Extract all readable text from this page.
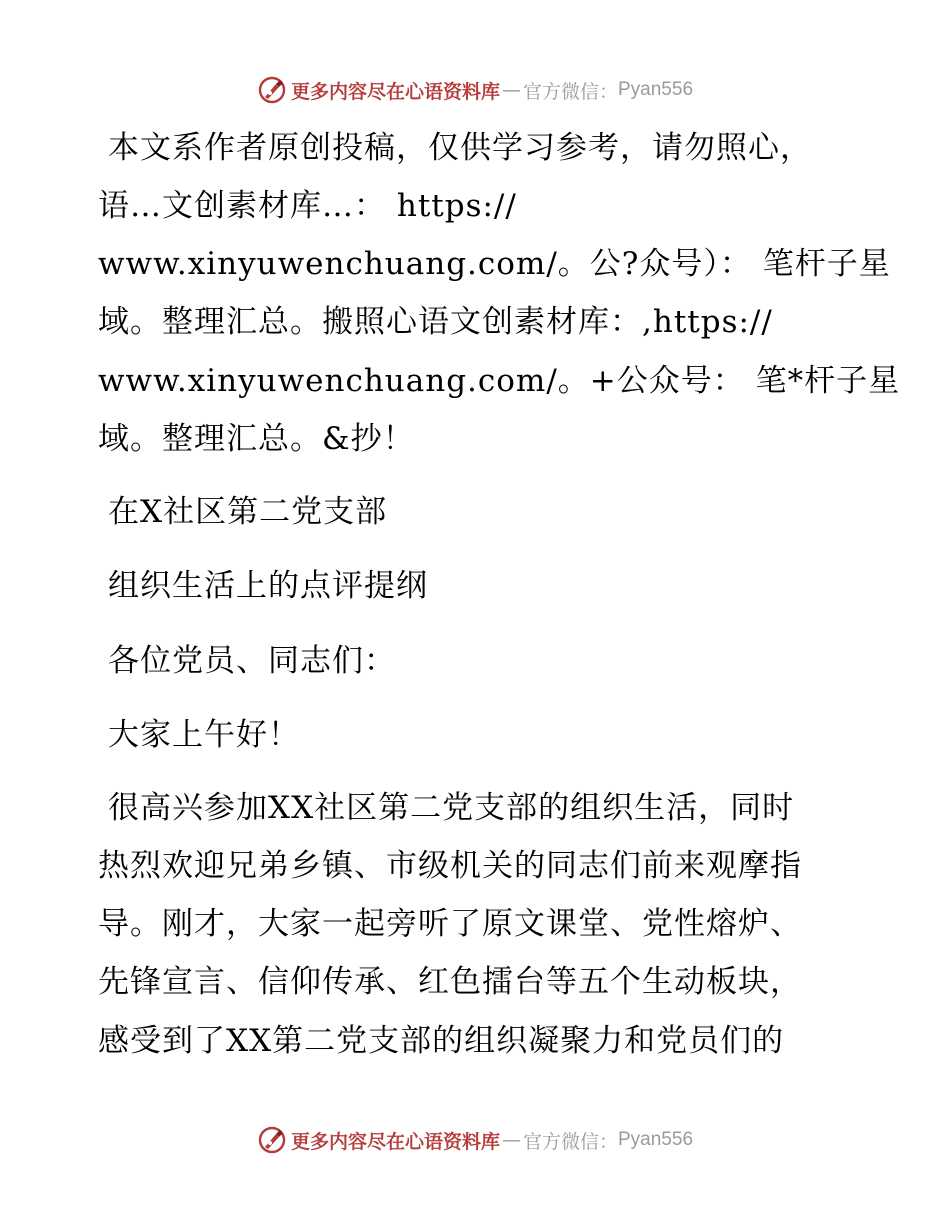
更多内容尽在心语资料库 — 官方微信： Pyan556
本文系作者原创投稿，仅供学习参考，请勿照心，
语…文创素材库…： https://
www.xinyuwenchuang.com/。公?众号）： 笔杆子星
域。整理汇总。搬照心语文创素材库：,https://
www.xinyuwenchuang.com/。+公众号： 笔*杆子星
域。整理汇总。&抄！
在X社区第二党支部
组织生活上的点评提纲
各位党员、同志们：
大家上午好！
很高兴参加XX社区第二党支部的组织生活，同时
热烈欢迎兄弟乡镇、市级机关的同志们前来观摩指
导。刚才，大家一起旁听了原文课堂、党性熔炉、
先锋宣言、信仰传承、红色擂台等五个生动板块，
感受到了XX第二党支部的组织凝聚力和党员们的
更多内容尽在心语资料库 — 官方微信： Pyan556
